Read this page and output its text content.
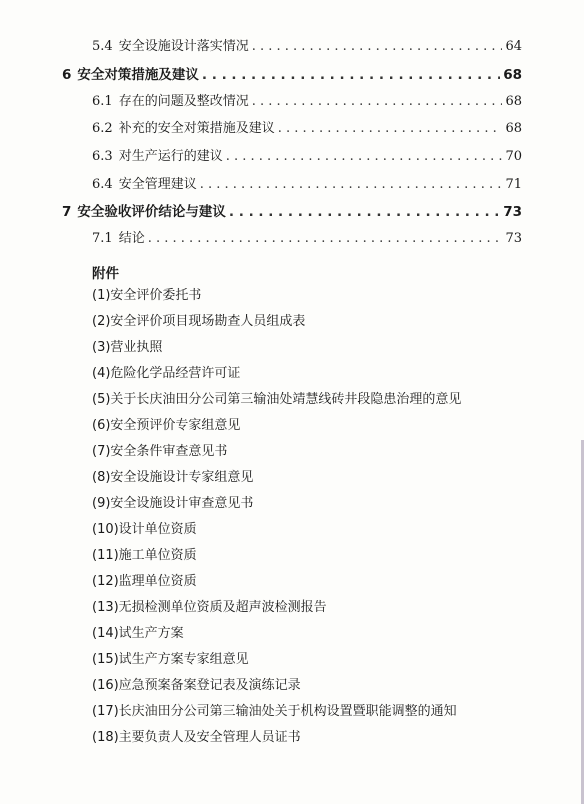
5.4 安全设施设计落实情况 . . .	64
6 安全对策措施及建议 . . .	68
6.1 存在的问题及整改情况 . . .	68
6.2 补充的安全对策措施及建议 . . .	68
6.3 对生产运行的建议 . . .	70
6.4 安全管理建议 . . .	71
7 安全验收评价结论与建议 . . .	73
7.1 结论 . . .	73
附件
(1)安全评价委托书
(2)安全评价项目现场勘查人员组成表
(3)营业执照
(4)危险化学品经营许可证
(5)关于长庆油田分公司第三输油处靖慧线砖井段隐患治理的意见
(6)安全预评价专家组意见
(7)安全条件审查意见书
(8)安全设施设计专家组意见
(9)安全设施设计审查意见书
(10)设计单位资质
(11)施工单位资质
(12)监理单位资质
(13)无损检测单位资质及超声波检测报告
(14)试生产方案
(15)试生产方案专家组意见
(16)应急预案备案登记表及演练记录
(17)长庆油田分公司第三输油处关于机构设置暨职能调整的通知
(18)主要负责人及安全管理人员证书
